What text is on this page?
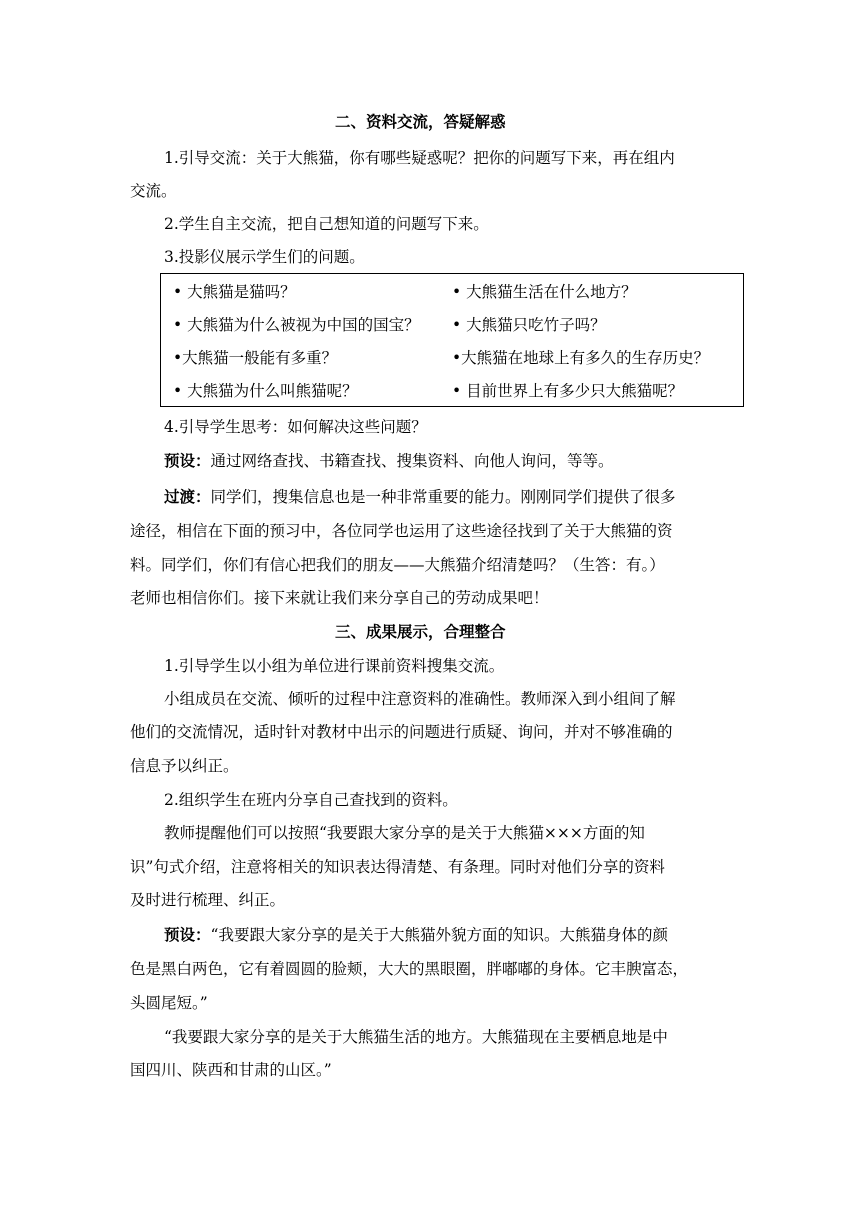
二、资料交流，答疑解惑
1.引导交流：关于大熊猫，你有哪些疑惑呢？把你的问题写下来，再在组内
交流。
2.学生自主交流，把自己想知道的问题写下来。
3.投影仪展示学生们的问题。
• 大熊猫是猫吗？	• 大熊猫生活在什么地方？
• 大熊猫为什么被视为中国的国宝？ • 大熊猫只吃竹子吗？
•大熊猫一般能有多重？	•大熊猫在地球上有多久的生存历史？
• 大熊猫为什么叫熊猫呢？	• 目前世界上有多少只大熊猫呢？
4.引导学生思考：如何解决这些问题？
预设：通过网络查找、书籍查找、搜集资料、向他人询问，等等。
过渡：同学们，搜集信息也是一种非常重要的能力。刚刚同学们提供了很多
途径，相信在下面的预习中，各位同学也运用了这些途径找到了关于大熊猫的资
料。同学们，你们有信心把我们的朋友——大熊猫介绍清楚吗？（生答：有。）
老师也相信你们。接下来就让我们来分享自己的劳动成果吧！
三、成果展示，合理整合
1.引导学生以小组为单位进行课前资料搜集交流。
小组成员在交流、倾听的过程中注意资料的准确性。教师深入到小组间了解
他们的交流情况，适时针对教材中出示的问题进行质疑、询问，并对不够准确的
信息予以纠正。
2.组织学生在班内分享自己查找到的资料。
教师提醒他们可以按照“我要跟大家分享的是关于大熊猫×××方面的知
识”句式介绍，注意将相关的知识表达得清楚、有条理。同时对他们分享的资料
及时进行梳理、纠正。
预设：“我要跟大家分享的是关于大熊猫外貌方面的知识。大熊猫身体的颜
色是黑白两色，它有着圆圆的脸颊，大大的黑眼圈，胖嘟嘟的身体。它丰腴富态，
头圆尾短。”
“我要跟大家分享的是关于大熊猫生活的地方。大熊猫现在主要栖息地是中
国四川、陕西和甘肃的山区。”
